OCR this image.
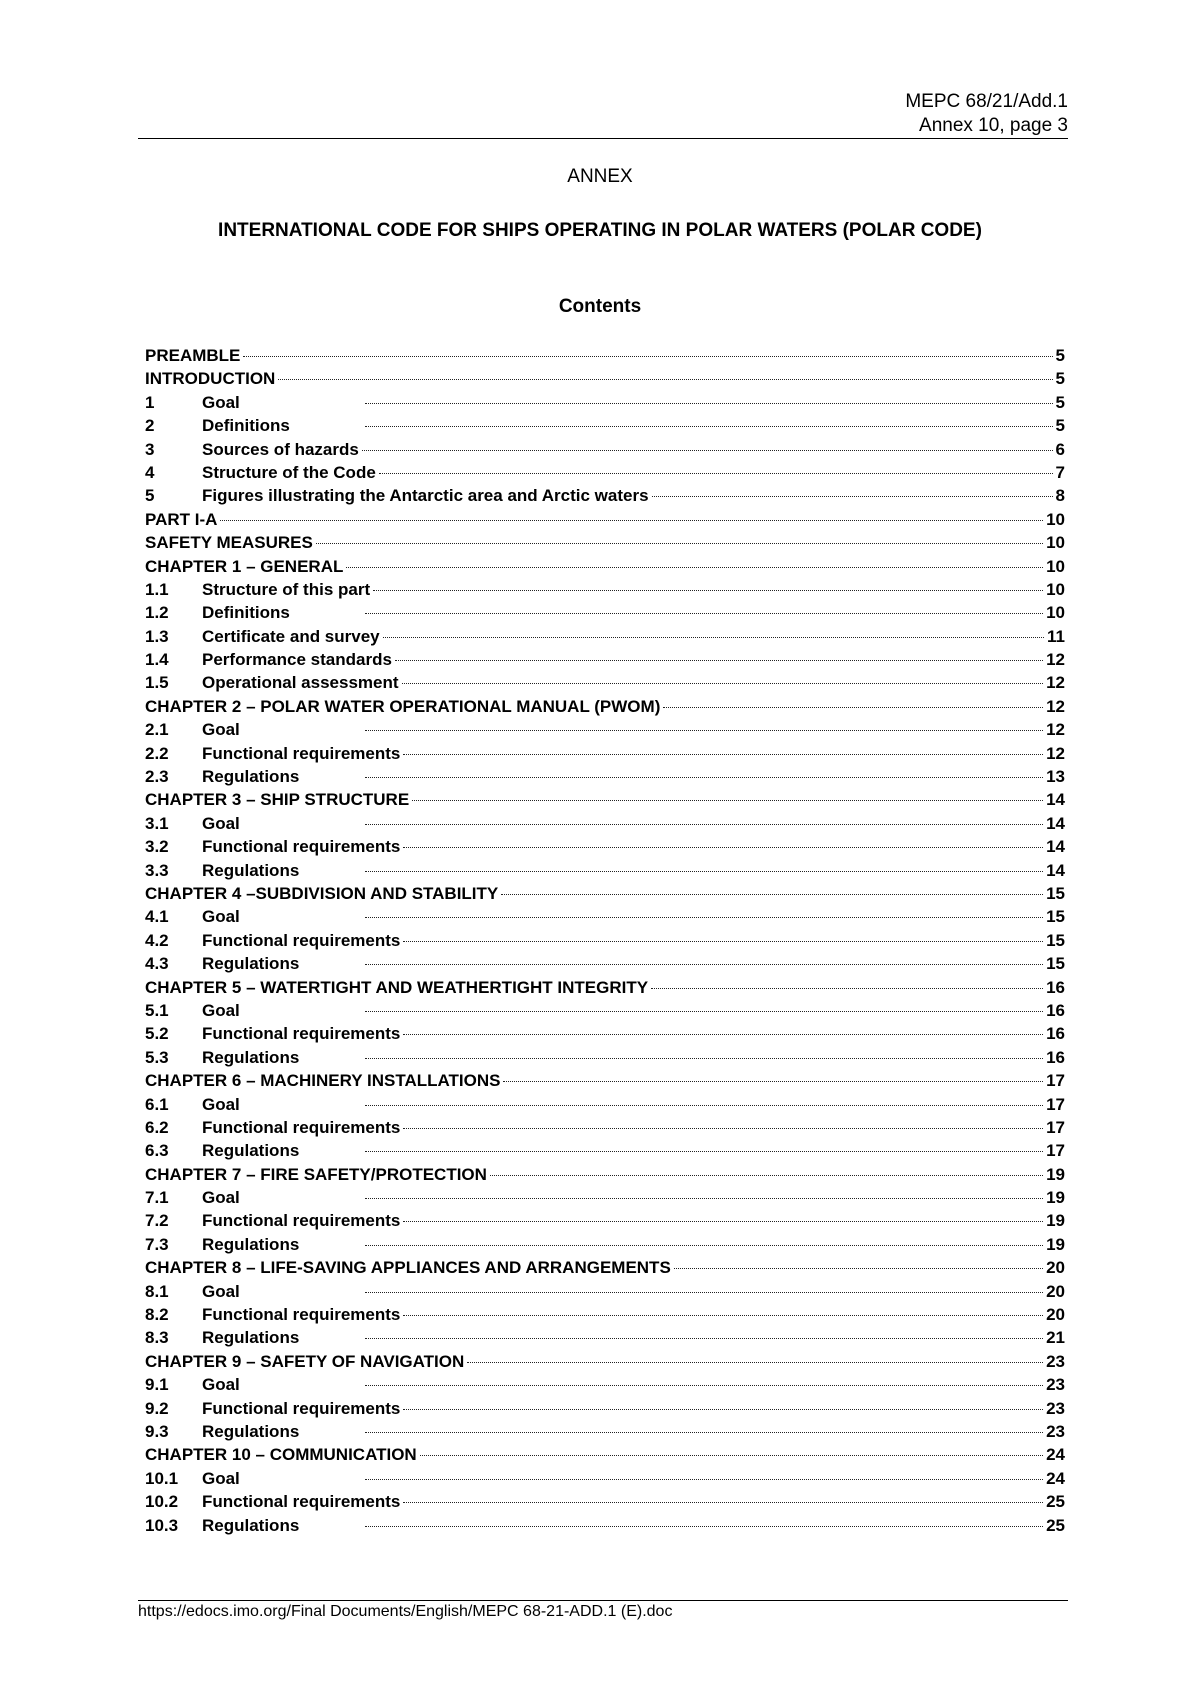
MEPC 68/21/Add.1
Annex 10, page 3
ANNEX
INTERNATIONAL CODE FOR SHIPS OPERATING IN POLAR WATERS (POLAR CODE)
Contents
PREAMBLE	5
INTRODUCTION	5
1	Goal	5
2	Definitions	5
3	Sources of hazards	6
4	Structure of the Code	7
5	Figures illustrating the Antarctic area and Arctic waters	8
PART I-A	10
SAFETY MEASURES	10
CHAPTER 1 – GENERAL	10
1.1	Structure of this part	10
1.2	Definitions	10
1.3	Certificate and survey	11
1.4	Performance standards	12
1.5	Operational assessment	12
CHAPTER 2 – POLAR WATER OPERATIONAL MANUAL (PWOM)	12
2.1	Goal	12
2.2	Functional requirements	12
2.3	Regulations	13
CHAPTER 3 – SHIP STRUCTURE	14
3.1	Goal	14
3.2	Functional requirements	14
3.3	Regulations	14
CHAPTER 4 –SUBDIVISION AND STABILITY	15
4.1	Goal	15
4.2	Functional requirements	15
4.3	Regulations	15
CHAPTER 5 – WATERTIGHT AND WEATHERTIGHT INTEGRITY	16
5.1	Goal	16
5.2	Functional requirements	16
5.3	Regulations	16
CHAPTER 6 – MACHINERY INSTALLATIONS	17
6.1	Goal	17
6.2	Functional requirements	17
6.3	Regulations	17
CHAPTER 7 – FIRE SAFETY/PROTECTION	19
7.1	Goal	19
7.2	Functional requirements	19
7.3	Regulations	19
CHAPTER 8 – LIFE-SAVING APPLIANCES AND ARRANGEMENTS	20
8.1	Goal	20
8.2	Functional requirements	20
8.3	Regulations	21
CHAPTER 9 – SAFETY OF NAVIGATION	23
9.1	Goal	23
9.2	Functional requirements	23
9.3	Regulations	23
CHAPTER 10 – COMMUNICATION	24
10.1	Goal	24
10.2	Functional requirements	25
10.3	Regulations	25
https://edocs.imo.org/Final Documents/English/MEPC 68-21-ADD.1 (E).doc
